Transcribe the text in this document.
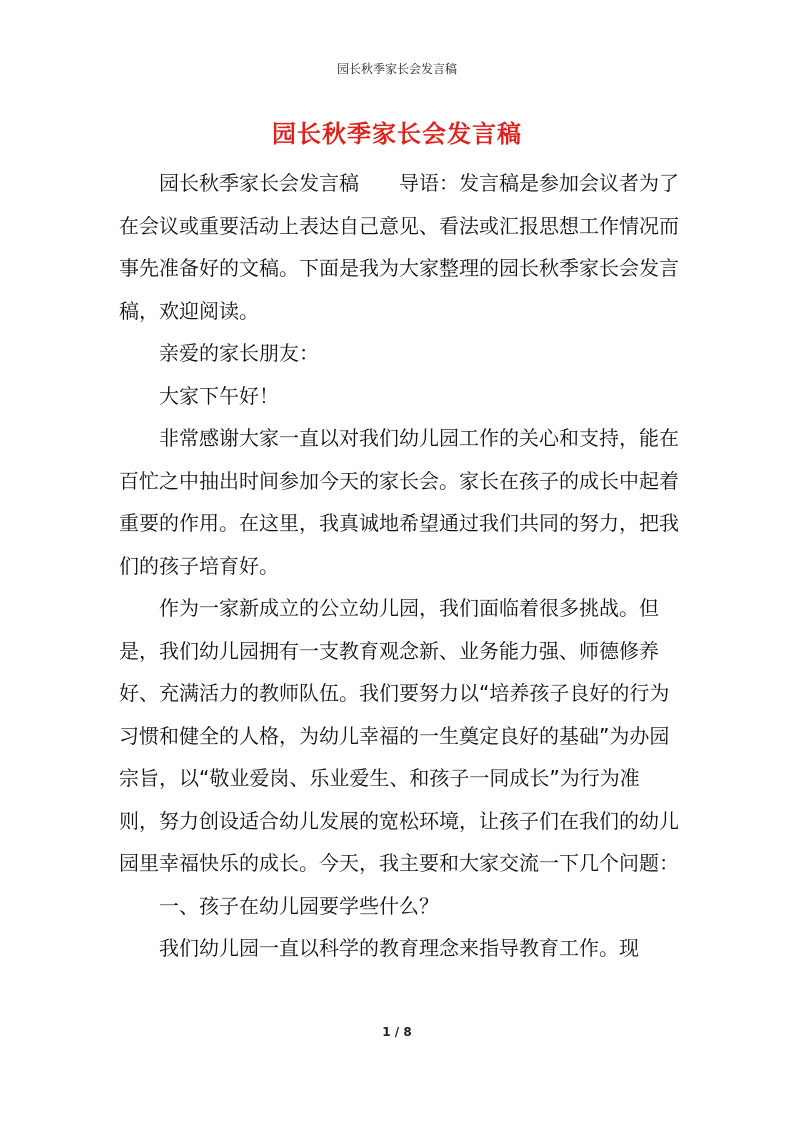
园长秋季家长会发言稿
园长秋季家长会发言稿

园长秋季家长会发言稿　　导语：发言稿是参加会议者为了在会议或重要活动上表达自己意见、看法或汇报思想工作情况而事先准备好的文稿。下面是我为大家整理的园长秋季家长会发言稿，欢迎阅读。

亲爱的家长朋友：

大家下午好！

非常感谢大家一直以对我们幼儿园工作的关心和支持，能在百忙之中抽出时间参加今天的家长会。家长在孩子的成长中起着重要的作用。在这里，我真诚地希望通过我们共同的努力，把我们的孩子培育好。

作为一家新成立的公立幼儿园，我们面临着很多挑战。但是，我们幼儿园拥有一支教育观念新、业务能力强、师德修养好、充满活力的教师队伍。我们要努力以“培养孩子良好的行为习惯和健全的人格，为幼儿幸福的一生奠定良好的基础”为办园宗旨，以“敬业爱岗、乐业爱生、和孩子一同成长”为行为准则，努力创设适合幼儿发展的宽松环境，让孩子们在我们的幼儿园里幸福快乐的成长。今天，我主要和大家交流一下几个问题：

一、孩子在幼儿园要学些什么？

我们幼儿园一直以科学的教育理念来指导教育工作。现

1 / 8
